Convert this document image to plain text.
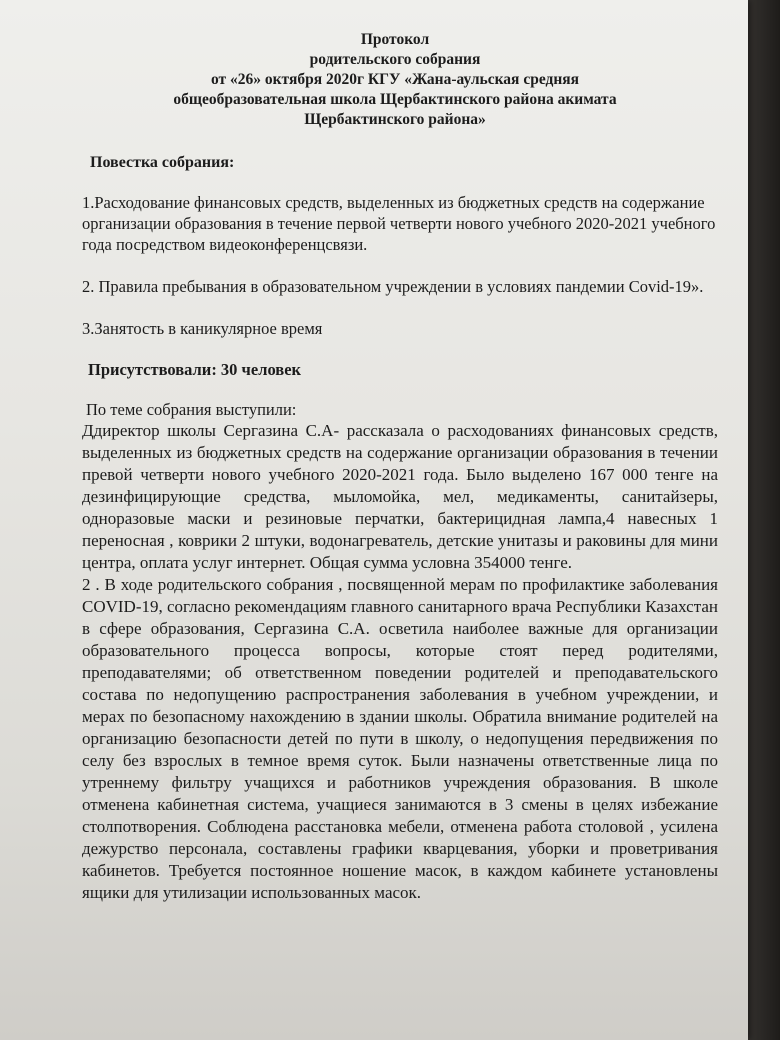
Протокол
родительского собрания
от «26» октября 2020г КГУ «Жана-аульская средняя
общеобразовательная школа Щербактинского района акимата
Щербактинского района»
Повестка собрания:
1.Расходование финансовых средств, выделенных из бюджетных средств на содержание организации образования в течение первой четверти нового учебного 2020-2021 учебного года посредством видеоконференцсвязи.
2. Правила пребывания в образовательном учреждении в условиях пандемии Covid-19».
3.Занятость в каникулярное время
Присутствовали: 30 человек
По теме собрания выступили:
Ддиректор школы Сергазина С.А- рассказала о расходованиях финансовых средств, выделенных из бюджетных средств на содержание организации образования в течении превой четверти нового учебного 2020-2021 года. Было выделено 167 000 тенге на дезинфицирующие средства, мыломойка, мел, медикаменты, санитайзеры, одноразовые маски и резиновые перчатки, бактерицидная лампа,4 навесных 1 переносная , коврики 2 штуки, водонагреватель, детские унитазы и раковины для мини центра, оплата услуг интернет. Общая сумма условна 354000 тенге.
2 . В ходе родительского собрания , посвященной мерам по профилактике заболевания COVID-19, согласно рекомендациям главного санитарного врача Республики Казахстан в сфере образования, Сергазина С.А. осветила наиболее важные для организации образовательного процесса вопросы, которые стоят перед родителями, преподавателями; об ответственном поведении родителей и преподавательского состава по недопущению распространения заболевания в учебном учреждении, и мерах по безопасному нахождению в здании школы. Обратила внимание родителей на организацию безопасности детей по пути в школу, о недопущения передвижения по селу без взрослых в темное время суток. Были назначены ответственные лица по утреннему фильтру учащихся и работников учреждения образования. В школе отменена кабинетная система, учащиеся занимаются в 3 смены в целях избежание столпотворения. Соблюдена расстановка мебели, отменена работа столовой , усилена дежурство персонала, составлены графики кварцевания, уборки и проветривания кабинетов. Требуется постоянное ношение масок, в каждом кабинете установлены ящики для утилизации использованных масок.
